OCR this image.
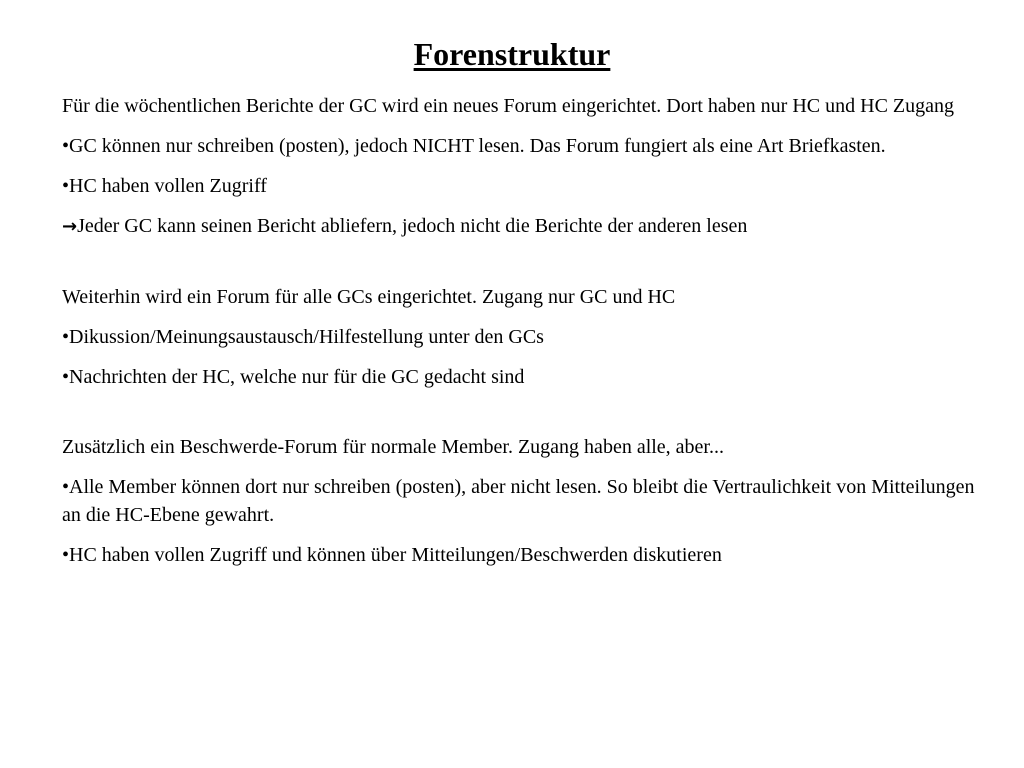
Forenstruktur

Für die wöchentlichen Berichte der GC wird ein neues Forum eingerichtet. Dort haben nur HC und HC Zugang

•GC können nur schreiben (posten), jedoch NICHT lesen. Das Forum fungiert als eine Art Briefkasten.

•HC haben vollen Zugriff

→Jeder GC kann seinen Bericht abliefern, jedoch nicht die Berichte der anderen lesen

Weiterhin wird ein Forum für alle GCs eingerichtet. Zugang nur GC und HC

•Dikussion/Meinungsaustausch/Hilfestellung unter den GCs

•Nachrichten der HC, welche nur für die GC gedacht sind

Zusätzlich ein Beschwerde-Forum für normale Member. Zugang haben alle, aber...

•Alle Member können dort nur schreiben (posten), aber nicht lesen. So bleibt die Vertraulichkeit von Mitteilungen an die HC-Ebene gewahrt.

•HC haben vollen Zugriff und können über Mitteilungen/Beschwerden diskutieren
